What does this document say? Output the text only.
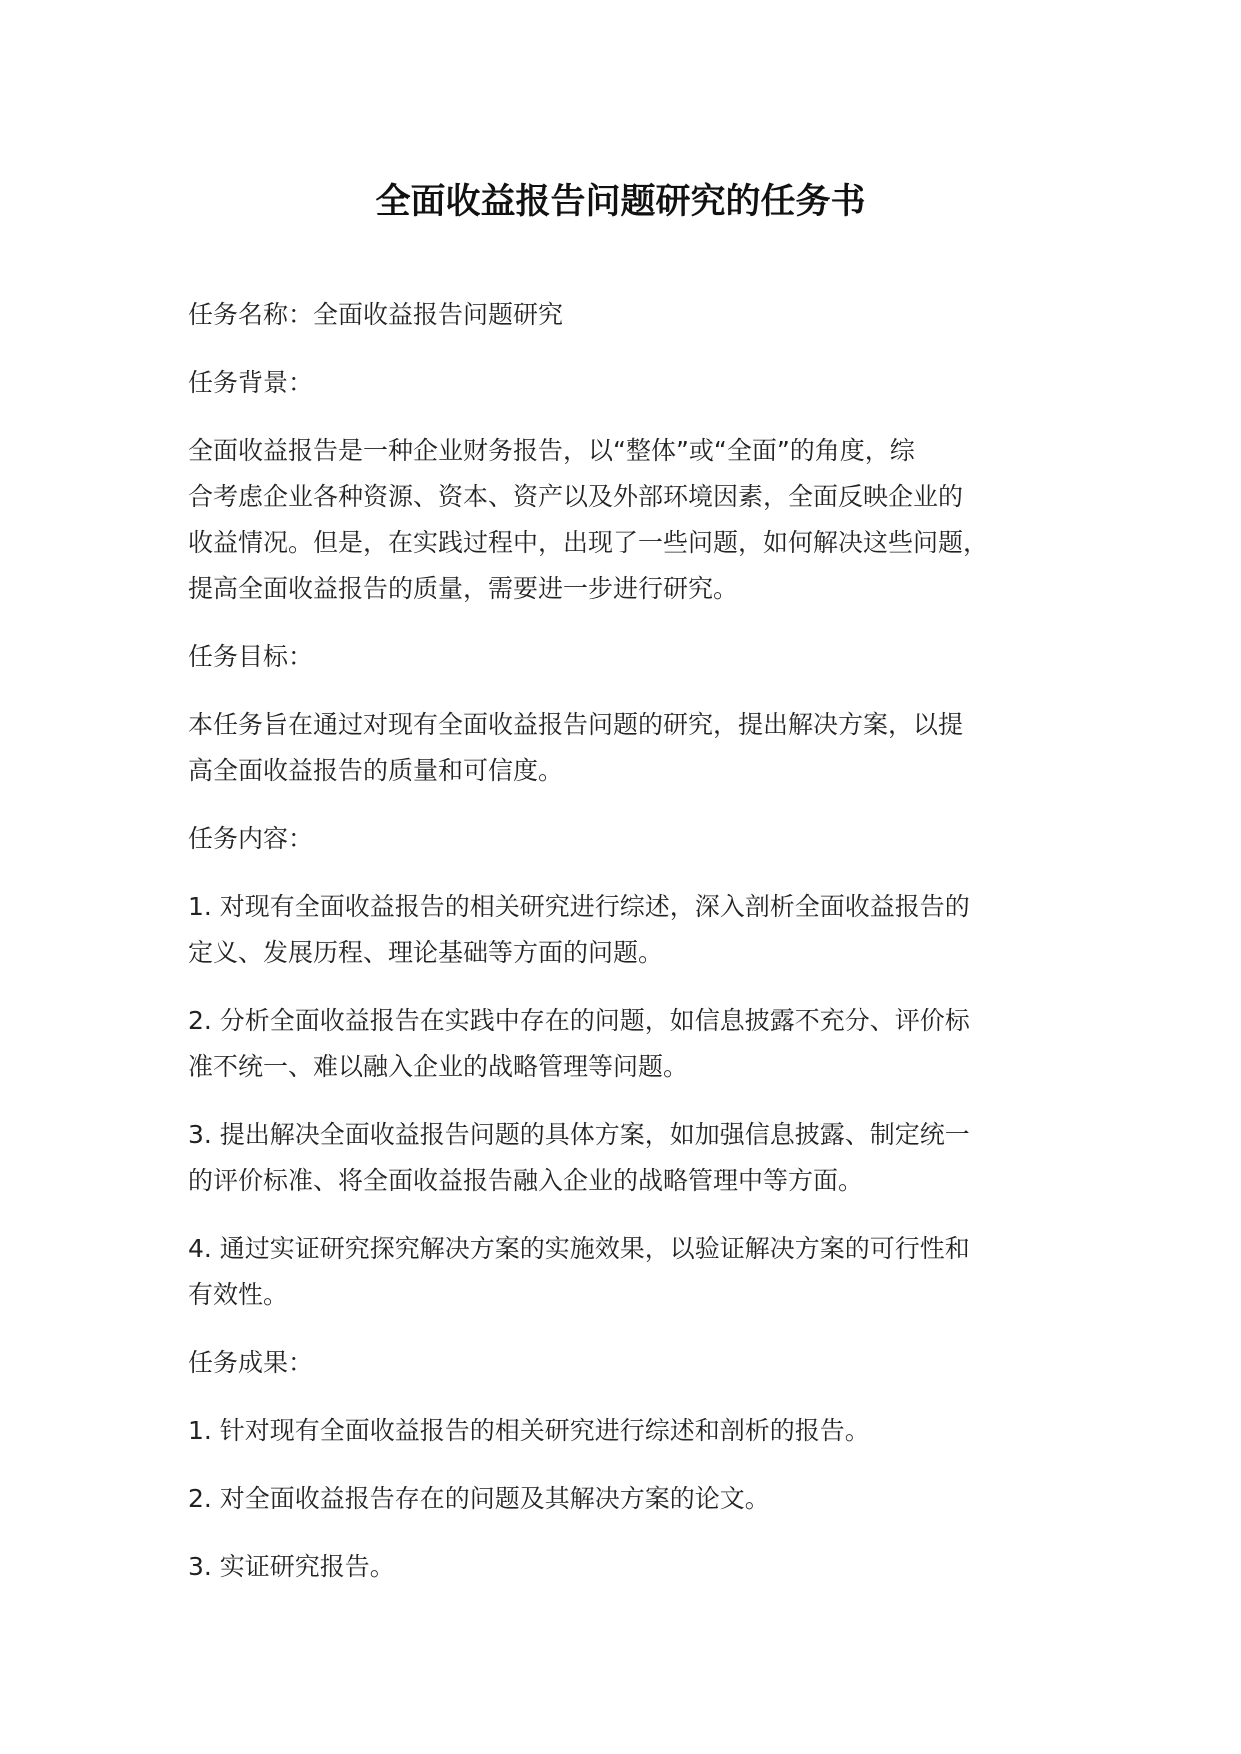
全面收益报告问题研究的任务书

任务名称：全面收益报告问题研究

任务背景：

全面收益报告是一种企业财务报告，以“整体”或“全面”的角度，综
合考虑企业各种资源、资本、资产以及外部环境因素，全面反映企业的
收益情况。但是，在实践过程中，出现了一些问题，如何解决这些问题，
提高全面收益报告的质量，需要进一步进行研究。

任务目标：

本任务旨在通过对现有全面收益报告问题的研究，提出解决方案，以提
高全面收益报告的质量和可信度。

任务内容：

1. 对现有全面收益报告的相关研究进行综述，深入剖析全面收益报告的
定义、发展历程、理论基础等方面的问题。

2. 分析全面收益报告在实践中存在的问题，如信息披露不充分、评价标
准不统一、难以融入企业的战略管理等问题。

3. 提出解决全面收益报告问题的具体方案，如加强信息披露、制定统一
的评价标准、将全面收益报告融入企业的战略管理中等方面。

4. 通过实证研究探究解决方案的实施效果，以验证解决方案的可行性和
有效性。

任务成果：

1. 针对现有全面收益报告的相关研究进行综述和剖析的报告。

2. 对全面收益报告存在的问题及其解决方案的论文。

3. 实证研究报告。
